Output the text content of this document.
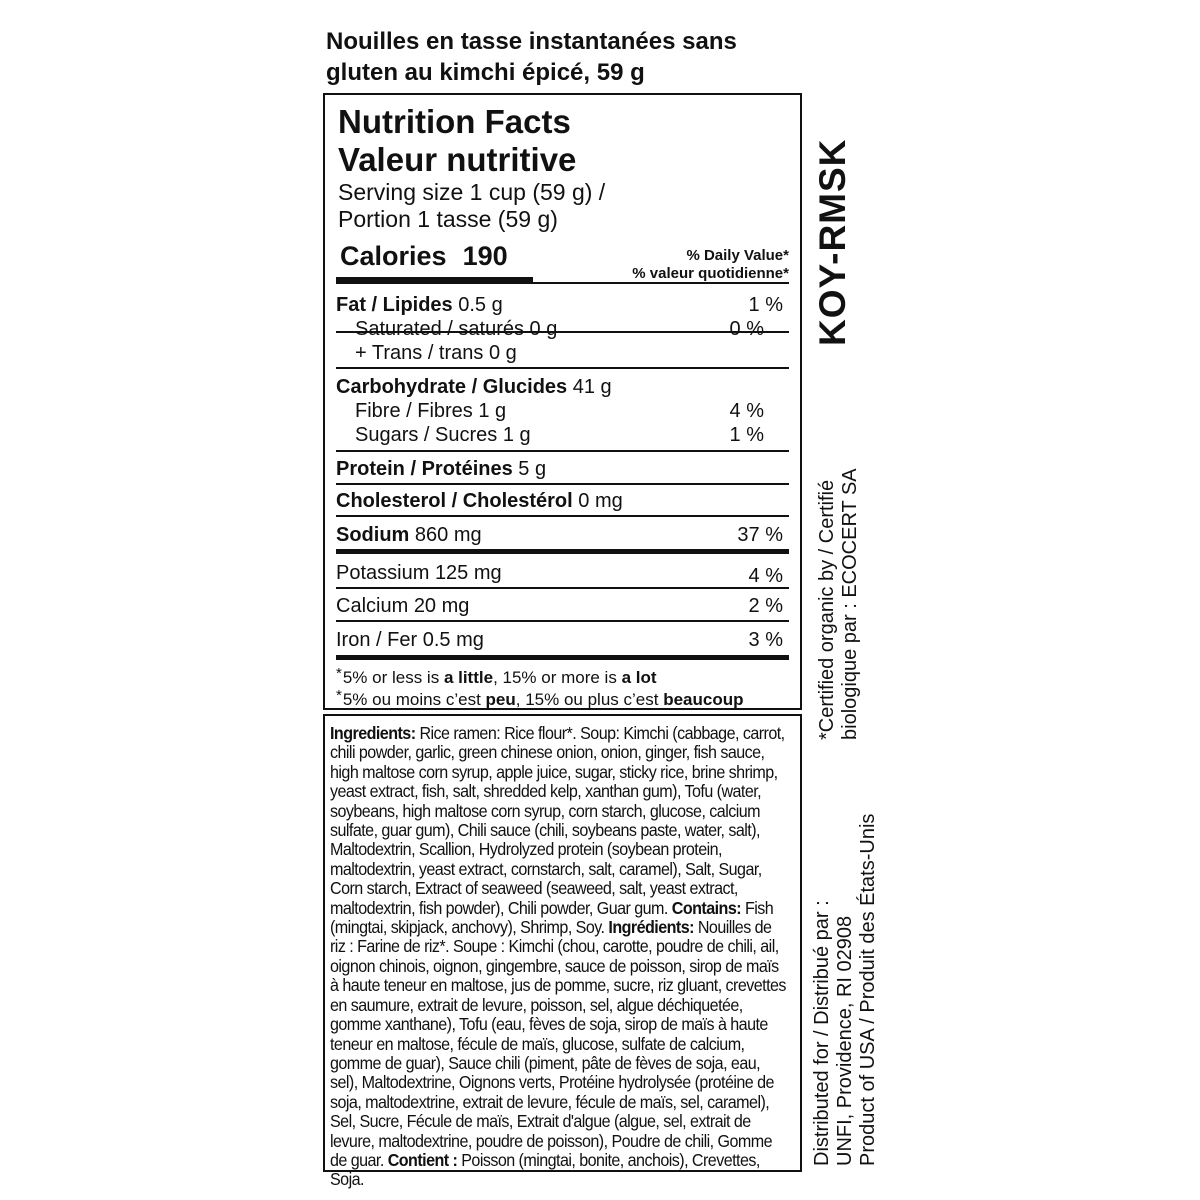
Nouilles en tasse instantanées sans
gluten au kimchi épicé, 59 g
Nutrition Facts
Valeur nutritive
Serving size 1 cup (59 g) /
Portion 1 tasse (59 g)
Calories 190	% Daily Value*
% valeur quotidienne*
Fat / Lipides 0.5 g	1 %
Saturated / saturés 0 g	0 %
+ Trans / trans 0 g
Carbohydrate / Glucides 41 g
Fibre / Fibres 1 g	4 %
Sugars / Sucres 1 g	1 %
Protein / Protéines 5 g
Cholesterol / Cholestérol 0 mg
Sodium 860 mg	37 %
Potassium 125 mg	4 %
Calcium 20 mg	2 %
Iron / Fer 0.5 mg	3 %
*5% or less is a little, 15% or more is a lot
*5% ou moins c’est peu, 15% ou plus c’est beaucoup

Ingredients: Rice ramen: Rice flour*. Soup: Kimchi (cabbage, carrot, chili powder, garlic, green chinese onion, onion, ginger, fish sauce, high maltose corn syrup, apple juice, sugar, sticky rice, brine shrimp, yeast extract, fish, salt, shredded kelp, xanthan gum), Tofu (water, soybeans, high maltose corn syrup, corn starch, glucose, calcium sulfate, guar gum), Chili sauce (chili, soybeans paste, water, salt), Maltodextrin, Scallion, Hydrolyzed protein (soybean protein, maltodextrin, yeast extract, cornstarch, salt, caramel), Salt, Sugar, Corn starch, Extract of seaweed (seaweed, salt, yeast extract, maltodextrin, fish powder), Chili powder, Guar gum. Contains: Fish (mingtai, skipjack, anchovy), Shrimp, Soy. Ingrédients: Nouilles de riz : Farine de riz*. Soupe : Kimchi (chou, carotte, poudre de chili, ail, oignon chinois, oignon, gingembre, sauce de poisson, sirop de maïs à haute teneur en maltose, jus de pomme, sucre, riz gluant, crevettes en saumure, extrait de levure, poisson, sel, algue déchiquetée, gomme xanthane), Tofu (eau, fèves de soja, sirop de maïs à haute teneur en maltose, fécule de maïs, glucose, sulfate de calcium, gomme de guar), Sauce chili (piment, pâte de fèves de soja, eau, sel), Maltodextrine, Oignons verts, Protéine hydrolysée (protéine de soja, maltodextrine, extrait de levure, fécule de maïs, sel, caramel), Sel, Sucre, Fécule de maïs, Extrait d'algue (algue, sel, extrait de levure, maltodextrine, poudre de poisson), Poudre de chili, Gomme de guar. Contient : Poisson (mingtai, bonite, anchois), Crevettes, Soja.

KOY-RMSK
*Certified organic by / Certifié biologique par : ECOCERT SA
Distributed for / Distribué par : UNFI, Providence, RI 02908 Product of USA / Produit des États-Unis
